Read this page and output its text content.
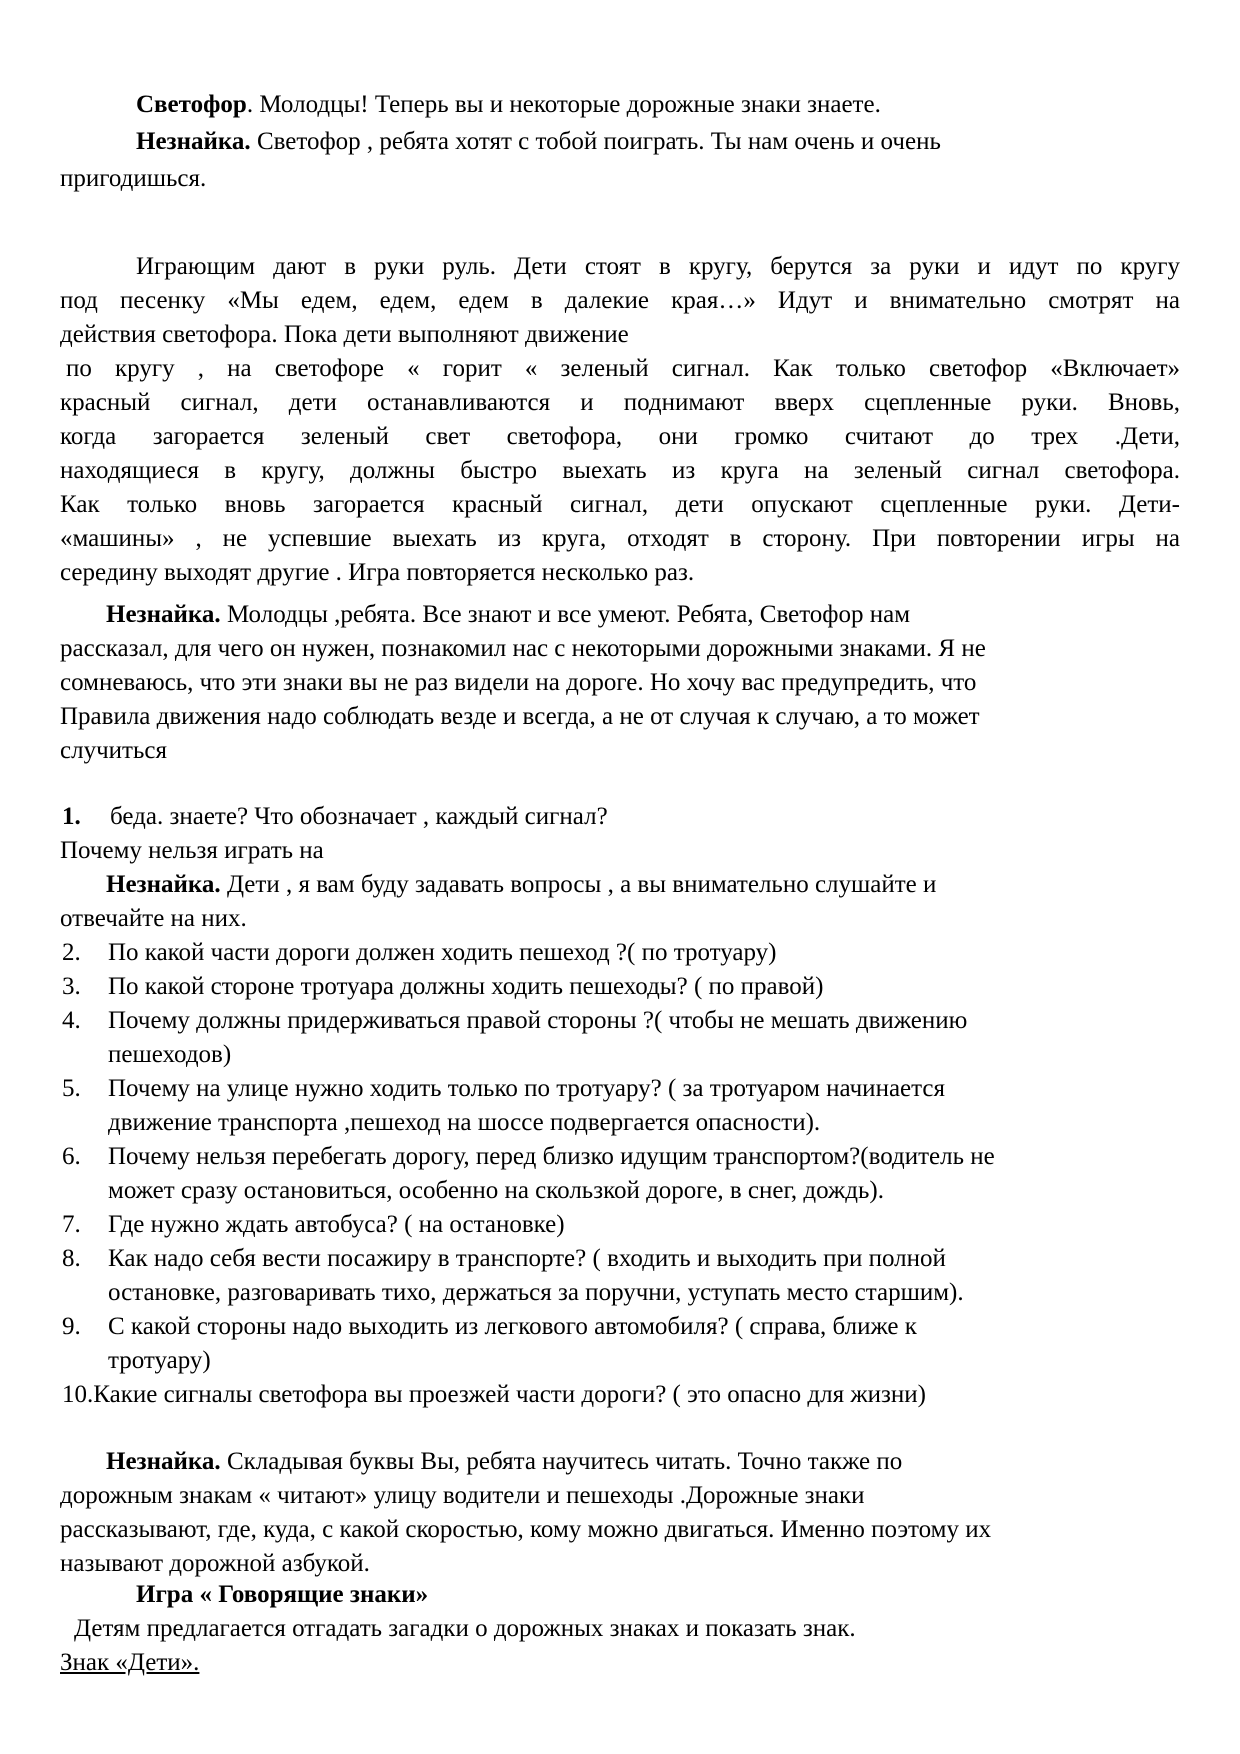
Светофор. Молодцы! Теперь вы и некоторые дорожные знаки знаете.
Незнайка. Светофор , ребята хотят с тобой поиграть. Ты нам очень и очень
пригодишься.
Играющим дают в руки руль. Дети стоят в кругу, берутся за руки и идут по кругу
под песенку «Мы едем, едем, едем в далекие края…» Идут и внимательно смотрят на
действия светофора. Пока дети выполняют движение
по кругу , на светофоре « горит « зеленый сигнал. Как только светофор «Включает»
красный сигнал, дети останавливаются и поднимают вверх сцепленные руки. Вновь,
когда загорается зеленый свет светофора, они громко считают до трех .Дети,
находящиеся в кругу, должны быстро выехать из круга на зеленый сигнал светофора.
Как только вновь загорается красный сигнал, дети опускают сцепленные руки. Дети-
«машины» , не успевшие выехать из круга, отходят в сторону. При повторении игры на
середину выходят другие . Игра повторяется несколько раз.
Незнайка. Молодцы ,ребята. Все знают и все умеют. Ребята, Светофор нам
рассказал, для чего он нужен, познакомил нас с некоторыми дорожными знаками. Я не
сомневаюсь, что эти знаки вы не раз видели на дороге. Но хочу вас предупредить, что
Правила движения надо соблюдать везде и всегда, а не от случая к случаю, а то может
случиться
1. беда. знаете? Что обозначает , каждый сигнал?
Почему нельзя играть на
Незнайка. Дети , я вам буду задавать вопросы , а вы внимательно слушайте и
отвечайте на них.
2. По какой части дороги должен ходить пешеход ?( по тротуару)
3. По какой стороне тротуара должны ходить пешеходы? ( по правой)
4. Почему должны придерживаться правой стороны ?( чтобы не мешать движению
пешеходов)
5. Почему на улице нужно ходить только по тротуару? ( за тротуаром начинается
движение транспорта ,пешеход на шоссе подвергается опасности).
6. Почему нельзя перебегать дорогу, перед близко идущим транспортом?(водитель не
может сразу остановиться, особенно на скользкой дороге, в снег, дождь).
7. Где нужно ждать автобуса? ( на остановке)
8. Как надо себя вести посажиру в транспорте? ( входить и выходить при полной
остановке, разговаривать тихо, держаться за поручни, уступать место старшим).
9. С какой стороны надо выходить из легкового автомобиля? ( справа, ближе к
тротуару)
10.Какие сигналы светофора вы проезжей части дороги? ( это опасно для жизни)
Незнайка. Складывая буквы Вы, ребята научитесь читать. Точно также по
дорожным знакам « читают» улицу водители и пешеходы .Дорожные знаки
рассказывают, где, куда, с какой скоростью, кому можно двигаться. Именно поэтому их
называют дорожной азбукой.
Игра « Говорящие знаки»
Детям предлагается отгадать загадки о дорожных знаках и показать знак.
Знак «Дети».
